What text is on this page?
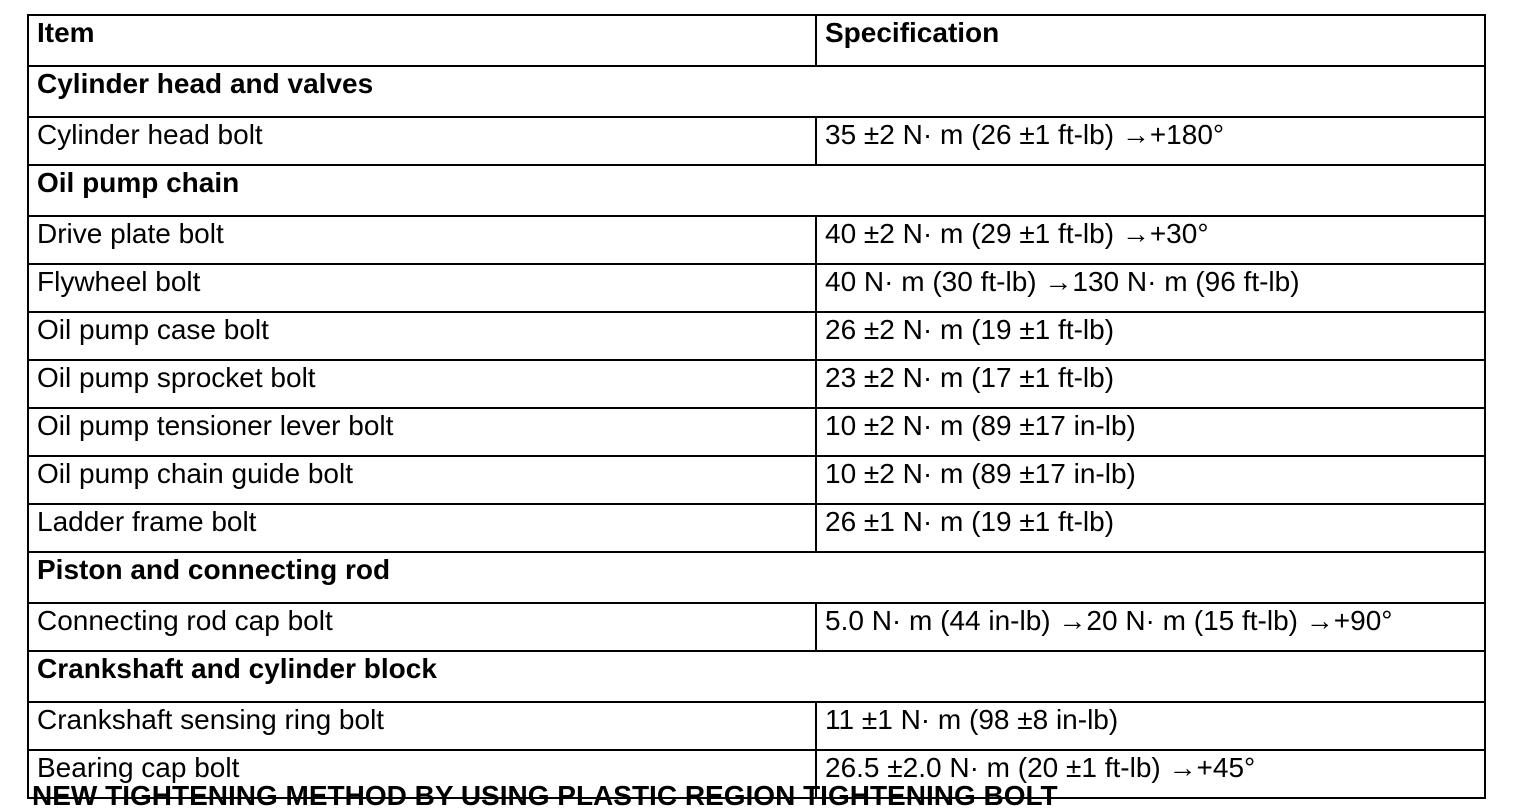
Item	Specification
Cylinder head and valves	
Cylinder head bolt	35 ±2 N· m (26 ±1 ft-lb) →+180°
Oil pump chain	
Drive plate bolt	40 ±2 N· m (29 ±1 ft-lb) →+30°
Flywheel bolt	40 N· m (30 ft-lb) →130 N· m (96 ft-lb)
Oil pump case bolt	26 ±2 N· m (19 ±1 ft-lb)
Oil pump sprocket bolt	23 ±2 N· m (17 ±1 ft-lb)
Oil pump tensioner lever bolt	10 ±2 N· m (89 ±17 in-lb)
Oil pump chain guide bolt	10 ±2 N· m (89 ±17 in-lb)
Ladder frame bolt	26 ±1 N· m (19 ±1 ft-lb)
Piston and connecting rod	
Connecting rod cap bolt	5.0 N· m (44 in-lb) →20 N· m (15 ft-lb) →+90°
Crankshaft and cylinder block	
Crankshaft sensing ring bolt	11 ±1 N· m (98 ±8 in-lb)
Bearing cap bolt	26.5 ±2.0 N· m (20 ±1 ft-lb) →+45°
NEW TIGHTENING METHOD BY USING PLASTIC REGION TIGHTENING BOLT
